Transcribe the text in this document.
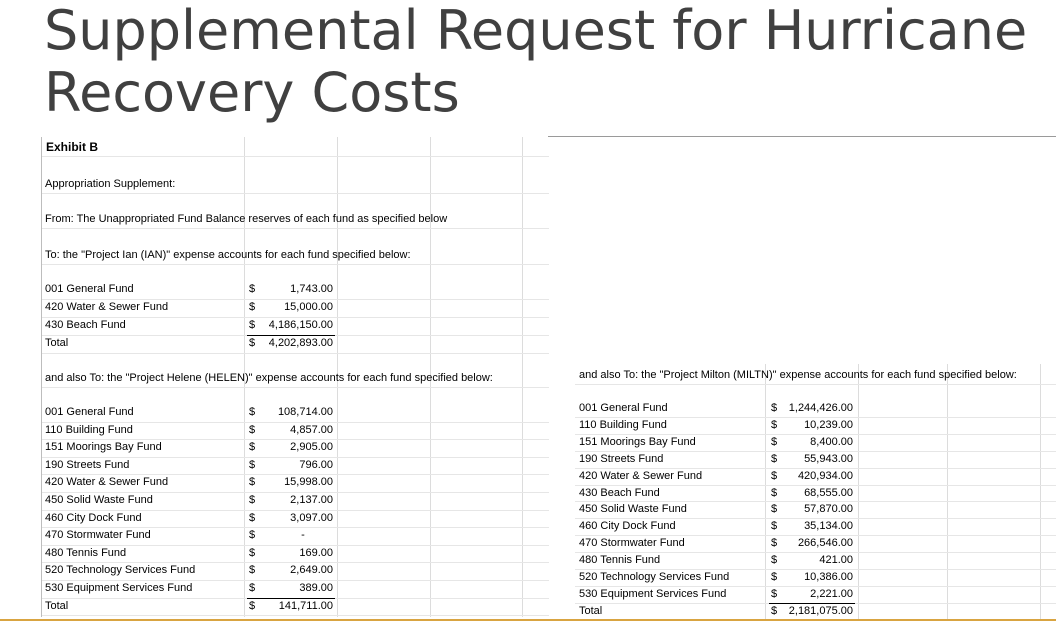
Supplemental Request for Hurricane Recovery Costs
Exhibit B
Appropriation Supplement:
From: The Unappropriated Fund Balance reserves of each fund as specified below
To: the "Project Ian (IAN)" expense accounts for each fund specified below:
001 General Fund	$	1,743.00
420 Water & Sewer Fund	$	15,000.00
430 Beach Fund	$	4,186,150.00
Total	$	4,202,893.00
and also To: the "Project Helene (HELEN)" expense accounts for each fund specified below:
001 General Fund	$	108,714.00
110 Building Fund	$	4,857.00
151 Moorings Bay Fund	$	2,905.00
190 Streets Fund	$	796.00
420 Water & Sewer Fund	$	15,998.00
450 Solid Waste Fund	$	2,137.00
460 City Dock Fund	$	3,097.00
470 Stormwater Fund	$	-
480 Tennis Fund	$	169.00
520 Technology Services Fund	$	2,649.00
530 Equipment Services Fund	$	389.00
Total	$	141,711.00
and also To: the "Project Milton (MILTN)" expense accounts for each fund specified below:
001 General Fund	$	1,244,426.00
110 Building Fund	$	10,239.00
151 Moorings Bay Fund	$	8,400.00
190 Streets Fund	$	55,943.00
420 Water & Sewer Fund	$	420,934.00
430 Beach Fund	$	68,555.00
450 Solid Waste Fund	$	57,870.00
460 City Dock Fund	$	35,134.00
470 Stormwater Fund	$	266,546.00
480 Tennis Fund	$	421.00
520 Technology Services Fund	$	10,386.00
530 Equipment Services Fund	$	2,221.00
Total	$	2,181,075.00
